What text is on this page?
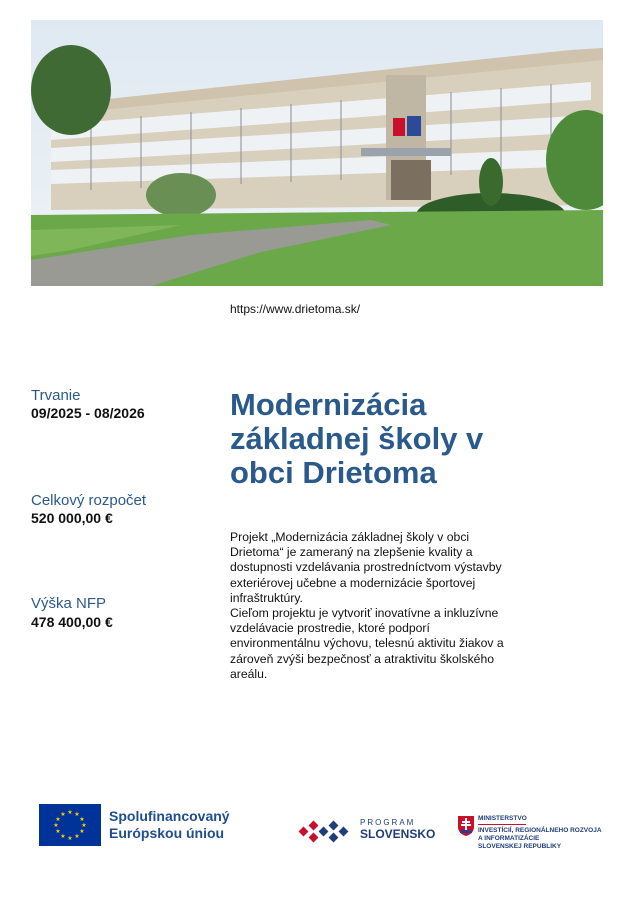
https://www.drietoma.sk/
Trvanie
09/2025 - 08/2026
Celkový rozpočet
520 000,00 €
Výška NFP
478 400,00 €
Modernizácia základnej školy v obci Drietoma

Projekt „Modernizácia základnej školy v obci Drietoma“ je zameraný na zlepšenie kvality a dostupnosti vzdelávania prostredníctvom výstavby exteriérovej učebne a modernizácie športovej infraštruktúry.

Cieľom projektu je vytvoriť inovatívne a inkluzívne vzdelávacie prostredie, ktoré podporí environmentálnu výchovu, telesnú aktivitu žiakov a zároveň zvýši bezpečnosť a atraktivitu školského areálu.

★ ★
★
★
★
★
★
★
★
★
★
★	Spolufinancovaný
Európskou úniou
PROGRAM
SLOVENSKO
MINISTERSTVO
INVESTÍCIÍ, REGIONÁLNEHO ROZVOJA
A INFORMATIZÁCIE
SLOVENSKEJ REPUBLIKY
